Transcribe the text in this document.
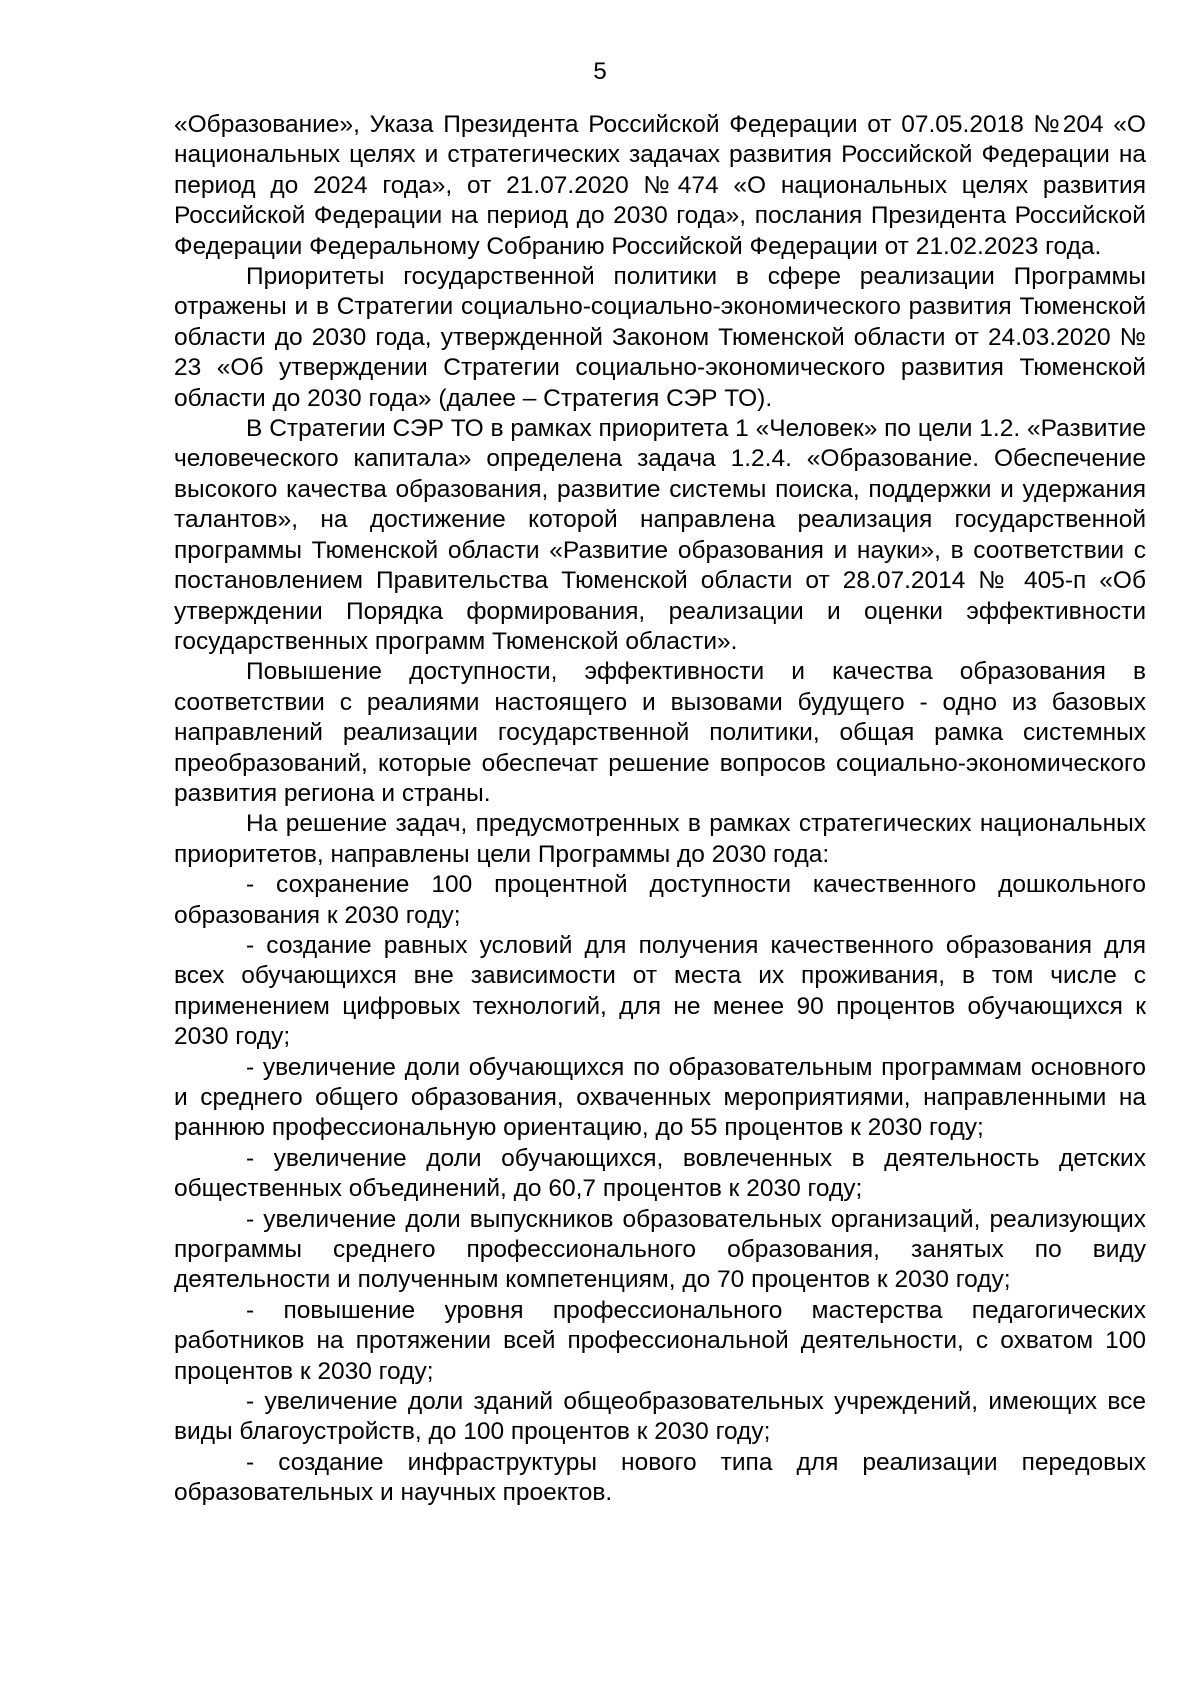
5

«Образование», Указа Президента Российской Федерации от 07.05.2018 №204 «О национальных целях и стратегических задачах развития Российской Федерации на период до 2024 года», от 21.07.2020 №474 «О национальных целях развития Российской Федерации на период до 2030 года», послания Президента Российской Федерации Федеральному Собранию Российской Федерации от 21.02.2023 года.

Приоритеты государственной политики в сфере реализации Программы отражены и в Стратегии социально-социально-экономического развития Тюменской области до 2030 года, утвержденной Законом Тюменской области от 24.03.2020 № 23 «Об утверждении Стратегии социально-экономического развития Тюменской области до 2030 года» (далее – Стратегия СЭР ТО).

В Стратегии СЭР ТО в рамках приоритета 1 «Человек» по цели 1.2. «Развитие человеческого капитала» определена задача 1.2.4. «Образование. Обеспечение высокого качества образования, развитие системы поиска, поддержки и удержания талантов», на достижение которой направлена реализация государственной программы Тюменской области «Развитие образования и науки», в соответствии с постановлением Правительства Тюменской области от 28.07.2014 № 405-п «Об утверждении Порядка формирования, реализации и оценки эффективности государственных программ Тюменской области».

Повышение доступности, эффективности и качества образования в соответствии с реалиями настоящего и вызовами будущего - одно из базовых направлений реализации государственной политики, общая рамка системных преобразований, которые обеспечат решение вопросов социально-экономического развития региона и страны.

На решение задач, предусмотренных в рамках стратегических национальных приоритетов, направлены цели Программы до 2030 года:

- сохранение 100 процентной доступности качественного дошкольного образования к 2030 году;

- создание равных условий для получения качественного образования для всех обучающихся вне зависимости от места их проживания, в том числе с применением цифровых технологий, для не менее 90 процентов обучающихся к 2030 году;

- увеличение доли обучающихся по образовательным программам основного и среднего общего образования, охваченных мероприятиями, направленными на раннюю профессиональную ориентацию, до 55 процентов к 2030 году;

- увеличение доли обучающихся, вовлеченных в деятельность детских общественных объединений, до 60,7 процентов к 2030 году;

- увеличение доли выпускников образовательных организаций, реализующих программы среднего профессионального образования, занятых по виду деятельности и полученным компетенциям, до 70 процентов к 2030 году;

- повышение уровня профессионального мастерства педагогических работников на протяжении всей профессиональной деятельности, с охватом 100 процентов к 2030 году;

- увеличение доли зданий общеобразовательных учреждений, имеющих все виды благоустройств, до 100 процентов к 2030 году;

- создание инфраструктуры нового типа для реализации передовых образовательных и научных проектов.
